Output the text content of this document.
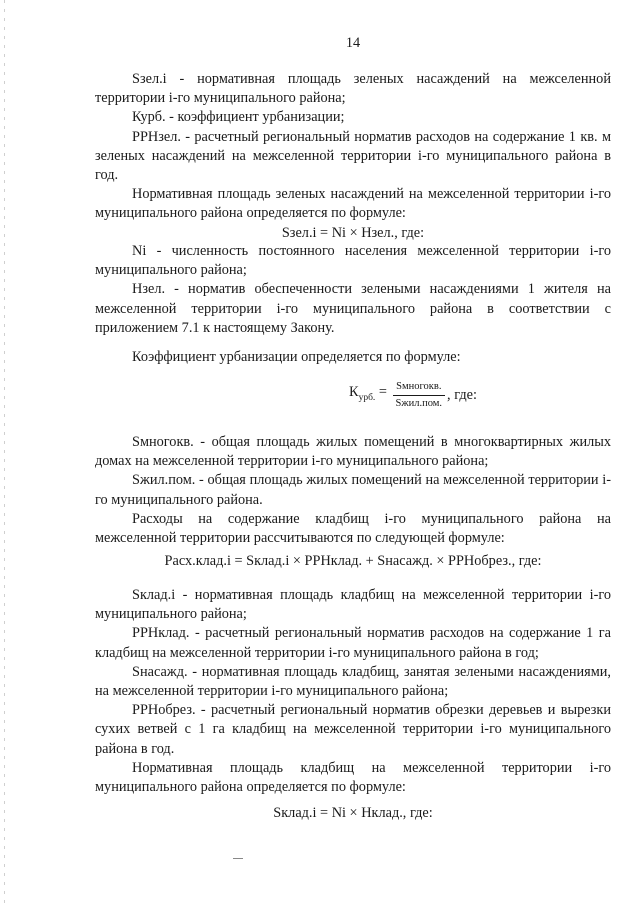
14

Sзел.i - нормативная площадь зеленых насаждений на межселенной территории i-го муниципального района;

Курб. - коэффициент урбанизации;

РРНзел. - расчетный региональный норматив расходов на содержание 1 кв. м зеленых насаждений на межселенной территории i-го муниципального района в год.

Нормативная площадь зеленых насаждений на межселенной территории i-го муниципального района определяется по формуле:

Sзел.i = Ni × Нзел., где:

Ni - численность постоянного населения межселенной территории i-го муниципального района;

Нзел. - норматив обеспеченности зелеными насаждениями 1 жителя на межселенной территории i-го муниципального района в соответствии с приложением 7.1 к настоящему Закону.

Коэффициент урбанизации определяется по формуле:

$К_{урб.} = \frac{\text{Sмногокв.}}{\text{Sжил.пом.}}$ , где:

Sмногокв. - общая площадь жилых помещений в многоквартирных жилых домах на межселенной территории i-го муниципального района;

Sжил.пом. - общая площадь жилых помещений на межселенной территории i-го муниципального района.

Расходы на содержание кладбищ i-го муниципального района на межселенной территории рассчитываются по следующей формуле:

Расх.клад.i = Sклад.i × РРНклад. + Sнасажд. × РРНобрез., где:

Sклад.i - нормативная площадь кладбищ на межселенной территории i-го муниципального района;

РРНклад. - расчетный региональный норматив расходов на содержание 1 га кладбищ на межселенной территории i-го муниципального района в год;

Sнасажд. - нормативная площадь кладбищ, занятая зелеными насаждениями, на межселенной территории i-го муниципального района;

РРНобрез. - расчетный региональный норматив обрезки деревьев и вырезки сухих ветвей с 1 га кладбищ на межселенной территории i-го муниципального района в год.

Нормативная площадь кладбищ на межселенной территории i-го муниципального района определяется по формуле:

Sклад.i = Ni × Нклад., где:
